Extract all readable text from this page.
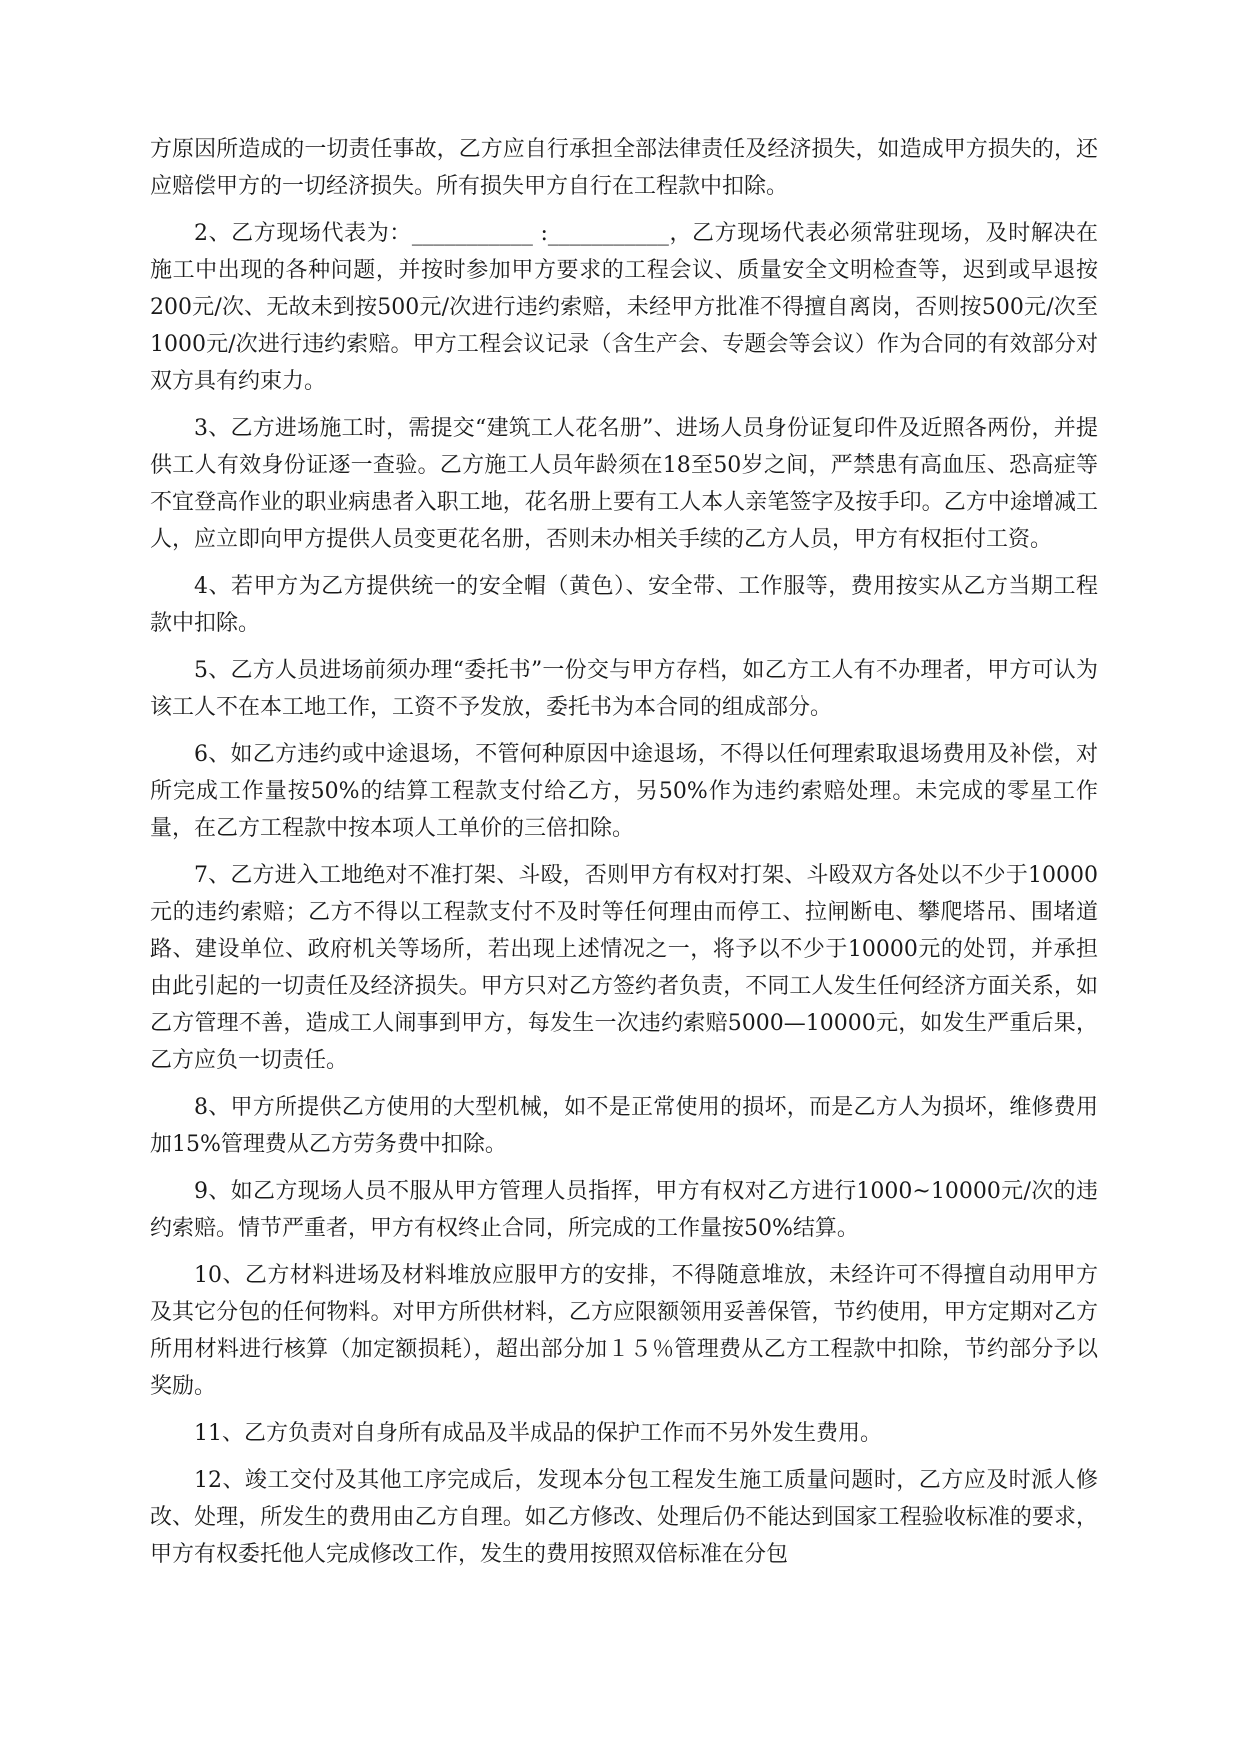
方原因所造成的一切责任事故，乙方应自行承担全部法律责任及经济损失，如造成甲方损失的，还应赔偿甲方的一切经济损失。所有损失甲方自行在工程款中扣除。

2、乙方现场代表为：___________ :___________，乙方现场代表必须常驻现场，及时解决在施工中出现的各种问题，并按时参加甲方要求的工程会议、质量安全文明检查等，迟到或早退按200元/次、无故未到按500元/次进行违约索赔，未经甲方批准不得擅自离岗，否则按500元/次至1000元/次进行违约索赔。甲方工程会议记录（含生产会、专题会等会议）作为合同的有效部分对双方具有约束力。

3、乙方进场施工时，需提交“建筑工人花名册”、进场人员身份证复印件及近照各两份，并提供工人有效身份证逐一查验。乙方施工人员年龄须在18至50岁之间，严禁患有高血压、恐高症等不宜登高作业的职业病患者入职工地，花名册上要有工人本人亲笔签字及按手印。乙方中途增减工人，应立即向甲方提供人员变更花名册，否则未办相关手续的乙方人员，甲方有权拒付工资。

4、若甲方为乙方提供统一的安全帽（黄色）、安全带、工作服等，费用按实从乙方当期工程款中扣除。

5、乙方人员进场前须办理“委托书”一份交与甲方存档，如乙方工人有不办理者，甲方可认为该工人不在本工地工作，工资不予发放，委托书为本合同的组成部分。

6、如乙方违约或中途退场，不管何种原因中途退场，不得以任何理索取退场费用及补偿，对所完成工作量按50%的结算工程款支付给乙方，另50%作为违约索赔处理。未完成的零星工作量，在乙方工程款中按本项人工单价的三倍扣除。

7、乙方进入工地绝对不准打架、斗殴，否则甲方有权对打架、斗殴双方各处以不少于10000元的违约索赔；乙方不得以工程款支付不及时等任何理由而停工、拉闸断电、攀爬塔吊、围堵道路、建设单位、政府机关等场所，若出现上述情况之一，将予以不少于10000元的处罚，并承担由此引起的一切责任及经济损失。甲方只对乙方签约者负责，不同工人发生任何经济方面关系，如乙方管理不善，造成工人闹事到甲方，每发生一次违约索赔5000—10000元，如发生严重后果，乙方应负一切责任。

8、甲方所提供乙方使用的大型机械，如不是正常使用的损坏，而是乙方人为损坏，维修费用加15%管理费从乙方劳务费中扣除。

9、如乙方现场人员不服从甲方管理人员指挥，甲方有权对乙方进行1000~10000元/次的违约索赔。情节严重者，甲方有权终止合同，所完成的工作量按50%结算。

10、乙方材料进场及材料堆放应服甲方的安排，不得随意堆放，未经许可不得擅自动用甲方及其它分包的任何物料。对甲方所供材料，乙方应限额领用妥善保管，节约使用，甲方定期对乙方所用材料进行核算（加定额损耗），超出部分加１５％管理费从乙方工程款中扣除，节约部分予以奖励。

11、乙方负责对自身所有成品及半成品的保护工作而不另外发生费用。

12、竣工交付及其他工序完成后，发现本分包工程发生施工质量问题时，乙方应及时派人修改、处理，所发生的费用由乙方自理。如乙方修改、处理后仍不能达到国家工程验收标准的要求，甲方有权委托他人完成修改工作，发生的费用按照双倍标准在分包
